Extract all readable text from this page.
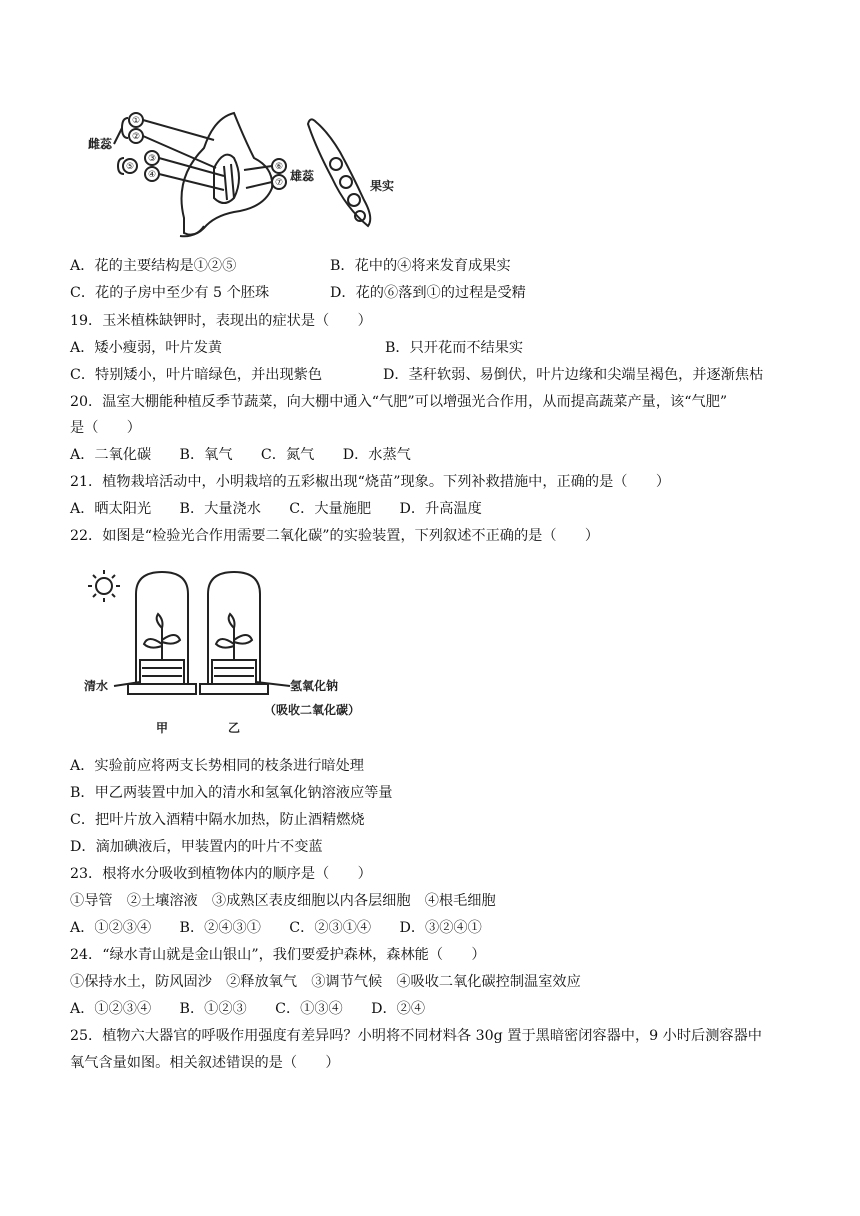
①
②
③
④
⑤	⑥
⑦
雌蕊
雄蕊
果实
A．花的主要结构是①②⑤	B．花中的④将来发育成果实
C．花的子房中至少有 5 个胚珠	D．花的⑥落到①的过程是受精
19．玉米植株缺钾时，表现出的症状是（　　）
A．矮小瘦弱，叶片发黄	B．只开花而不结果实
C．特别矮小，叶片暗绿色，并出现紫色	D．茎秆软弱、易倒伏，叶片边缘和尖端呈褐色，并逐渐焦枯
20．温室大棚能种植反季节蔬菜，向大棚中通入“气肥”可以增强光合作用，从而提高蔬菜产量，该“气肥”
是（　　）
A．二氧化碳　　B．氧气　　C．氮气　　D．水蒸气
21．植物栽培活动中，小明栽培的五彩椒出现“烧苗”现象。下列补救措施中，正确的是（　　）
A．晒太阳光　　B．大量浇水　　C．大量施肥　　D．升高温度
22．如图是“检验光合作用需要二氧化碳”的实验装置，下列叙述不正确的是（　　）
清水	氢氧化钠
（吸收二氧化碳）
甲	乙
A．实验前应将两支长势相同的枝条进行暗处理
B．甲乙两装置中加入的清水和氢氧化钠溶液应等量
C．把叶片放入酒精中隔水加热，防止酒精燃烧
D．滴加碘液后，甲装置内的叶片不变蓝
23．根将水分吸收到植物体内的顺序是（　　）
①导管　②土壤溶液　③成熟区表皮细胞以内各层细胞　④根毛细胞
A．①②③④　　B．②④③①　　C．②③①④　　D．③②④①
24．“绿水青山就是金山银山”，我们要爱护森林，森林能（　　）
①保持水土，防风固沙　②释放氧气　③调节气候　④吸收二氧化碳控制温室效应
A．①②③④　　B．①②③　　C．①③④　　D．②④
25．植物六大器官的呼吸作用强度有差异吗？小明将不同材料各 30g 置于黑暗密闭容器中，9 小时后测容器中
氧气含量如图。相关叙述错误的是（　　）
